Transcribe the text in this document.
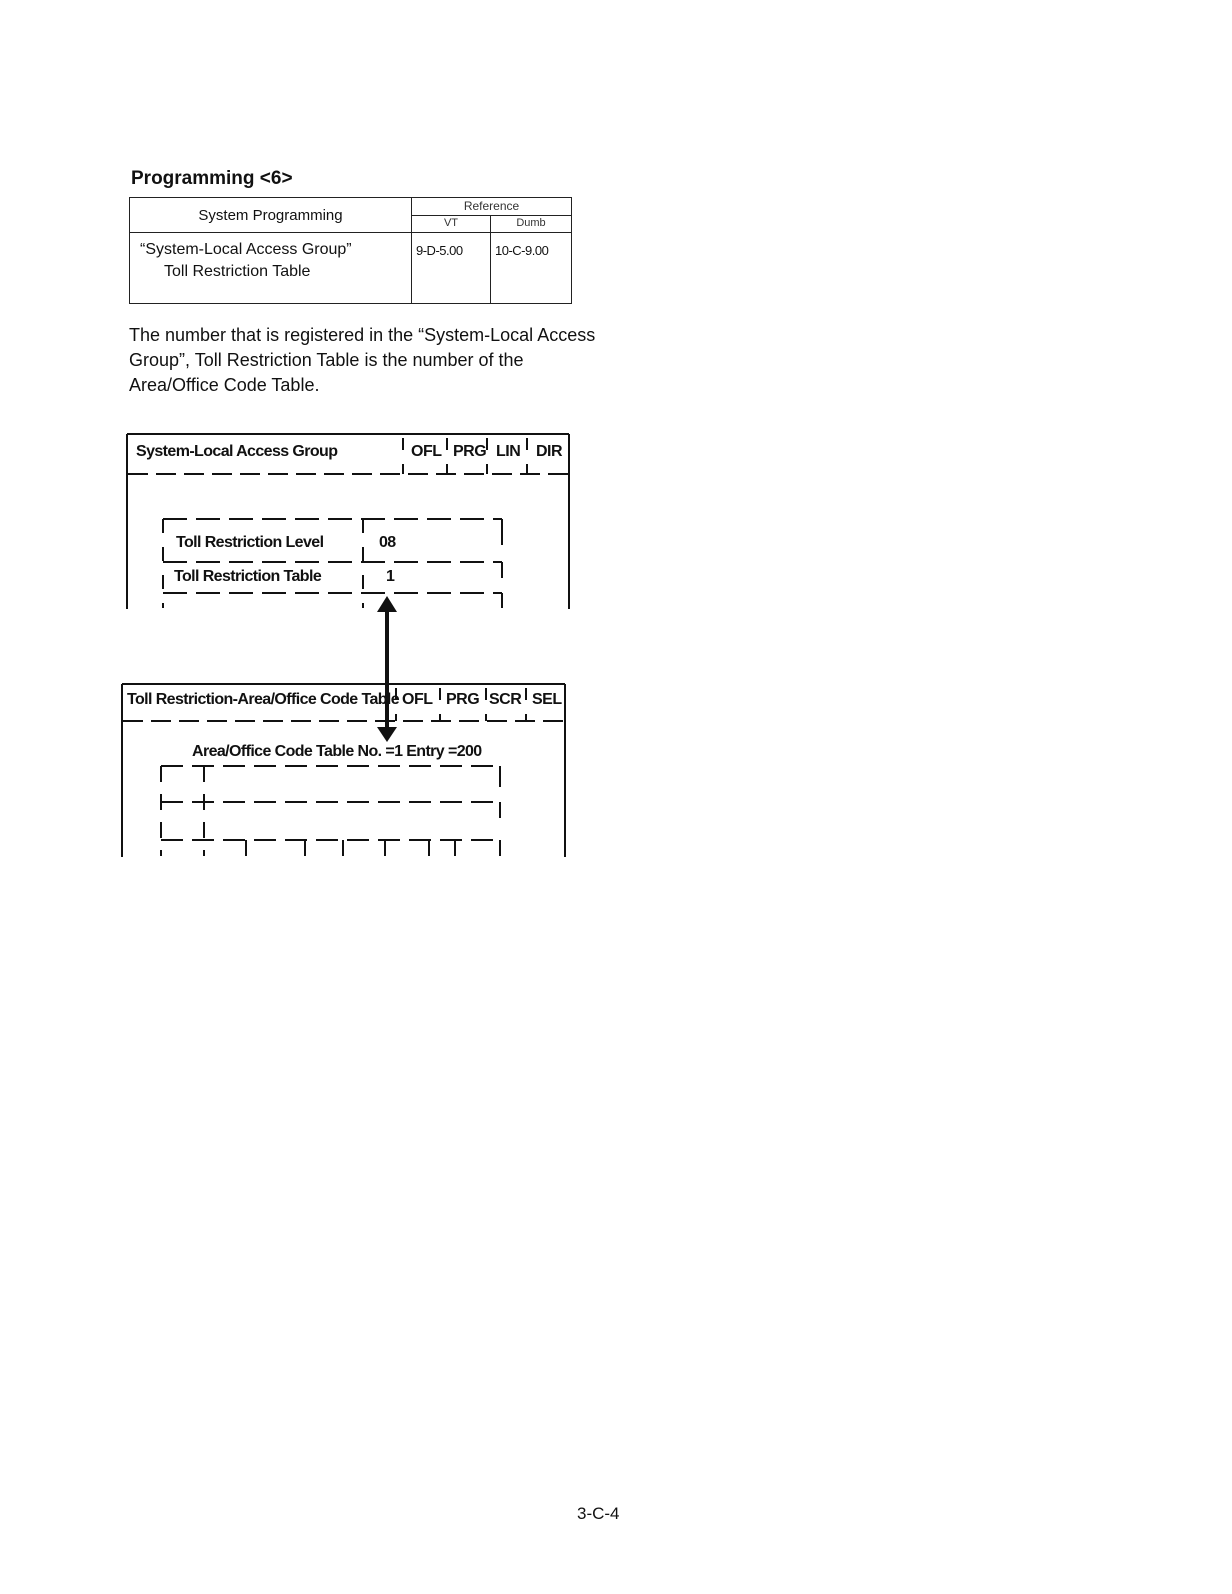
Programming <6>
System Programming	Reference	
	VT	Dumb
“System-Local Access Group”
Toll Restriction Table	9-D-5.00	10-C-9.00
The number that is registered in the “System-Local Access Group”, Toll Restriction Table is the number of the Area/Office Code Table.
System-Local Access Group	OFL PRG LIN DIR
Toll Restriction Level	08
Toll Restriction Table	1
Toll Restriction-Area/Office Code Table OFL PRG SCR SEL
Area/Office Code Table No. =1 Entry =200
3-C-4
